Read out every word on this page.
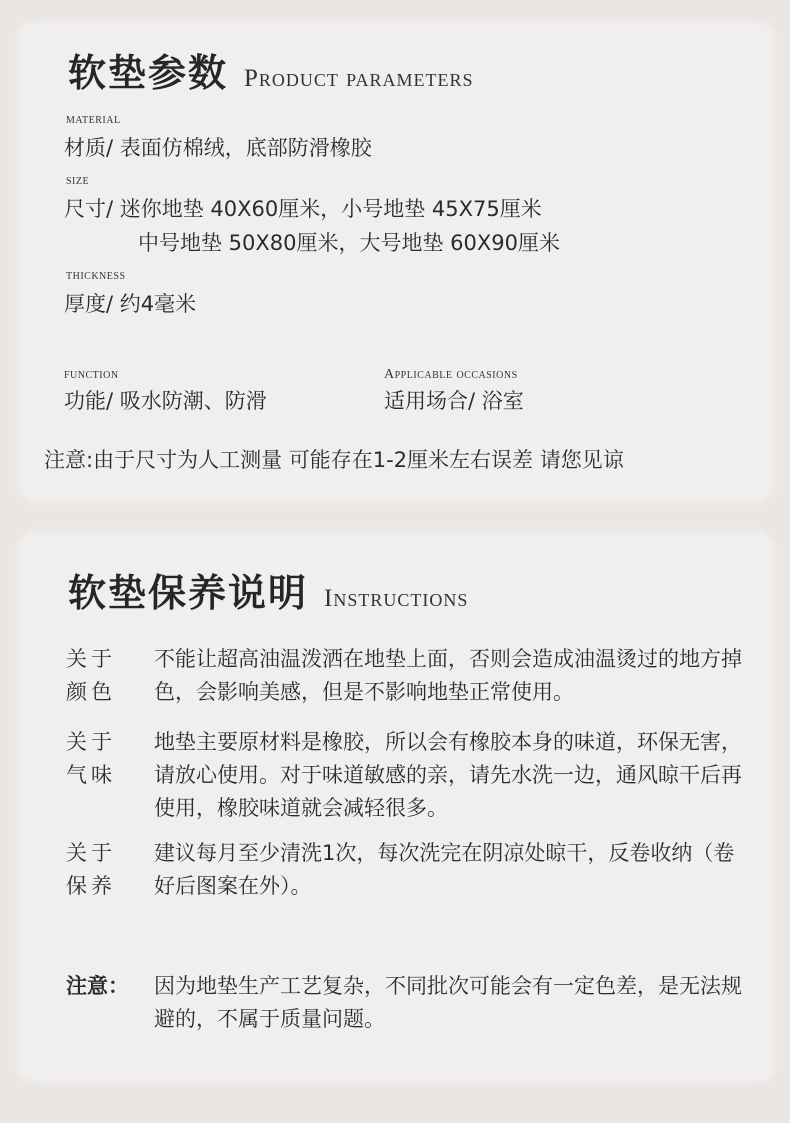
软垫参数 Product parameters
material
材质/ 表面仿棉绒，底部防滑橡胶
size
尺寸/ 迷你地垫 40X60厘米，小号地垫 45X75厘米
中号地垫 50X80厘米，大号地垫 60X90厘米
thickness
厚度/ 约4毫米
function
功能/ 吸水防潮、防滑
Applicable occasions
适用场合/ 浴室
注意:由于尺寸为人工测量 可能存在1-2厘米左右误差 请您见谅
软垫保养说明 Instructions
关于
颜色
不能让超高油温泼洒在地垫上面，否则会造成油温烫过的地方掉色，会影响美感，但是不影响地垫正常使用。
关于
气味
地垫主要原材料是橡胶，所以会有橡胶本身的味道，环保无害，请放心使用。对于味道敏感的亲，请先水洗一边，通风晾干后再使用，橡胶味道就会减轻很多。
关于
保养
建议每月至少清洗1次，每次洗完在阴凉处晾干，反卷收纳（卷好后图案在外）。
注意：	因为地垫生产工艺复杂，不同批次可能会有一定色差，是无法规避的，不属于质量问题。
